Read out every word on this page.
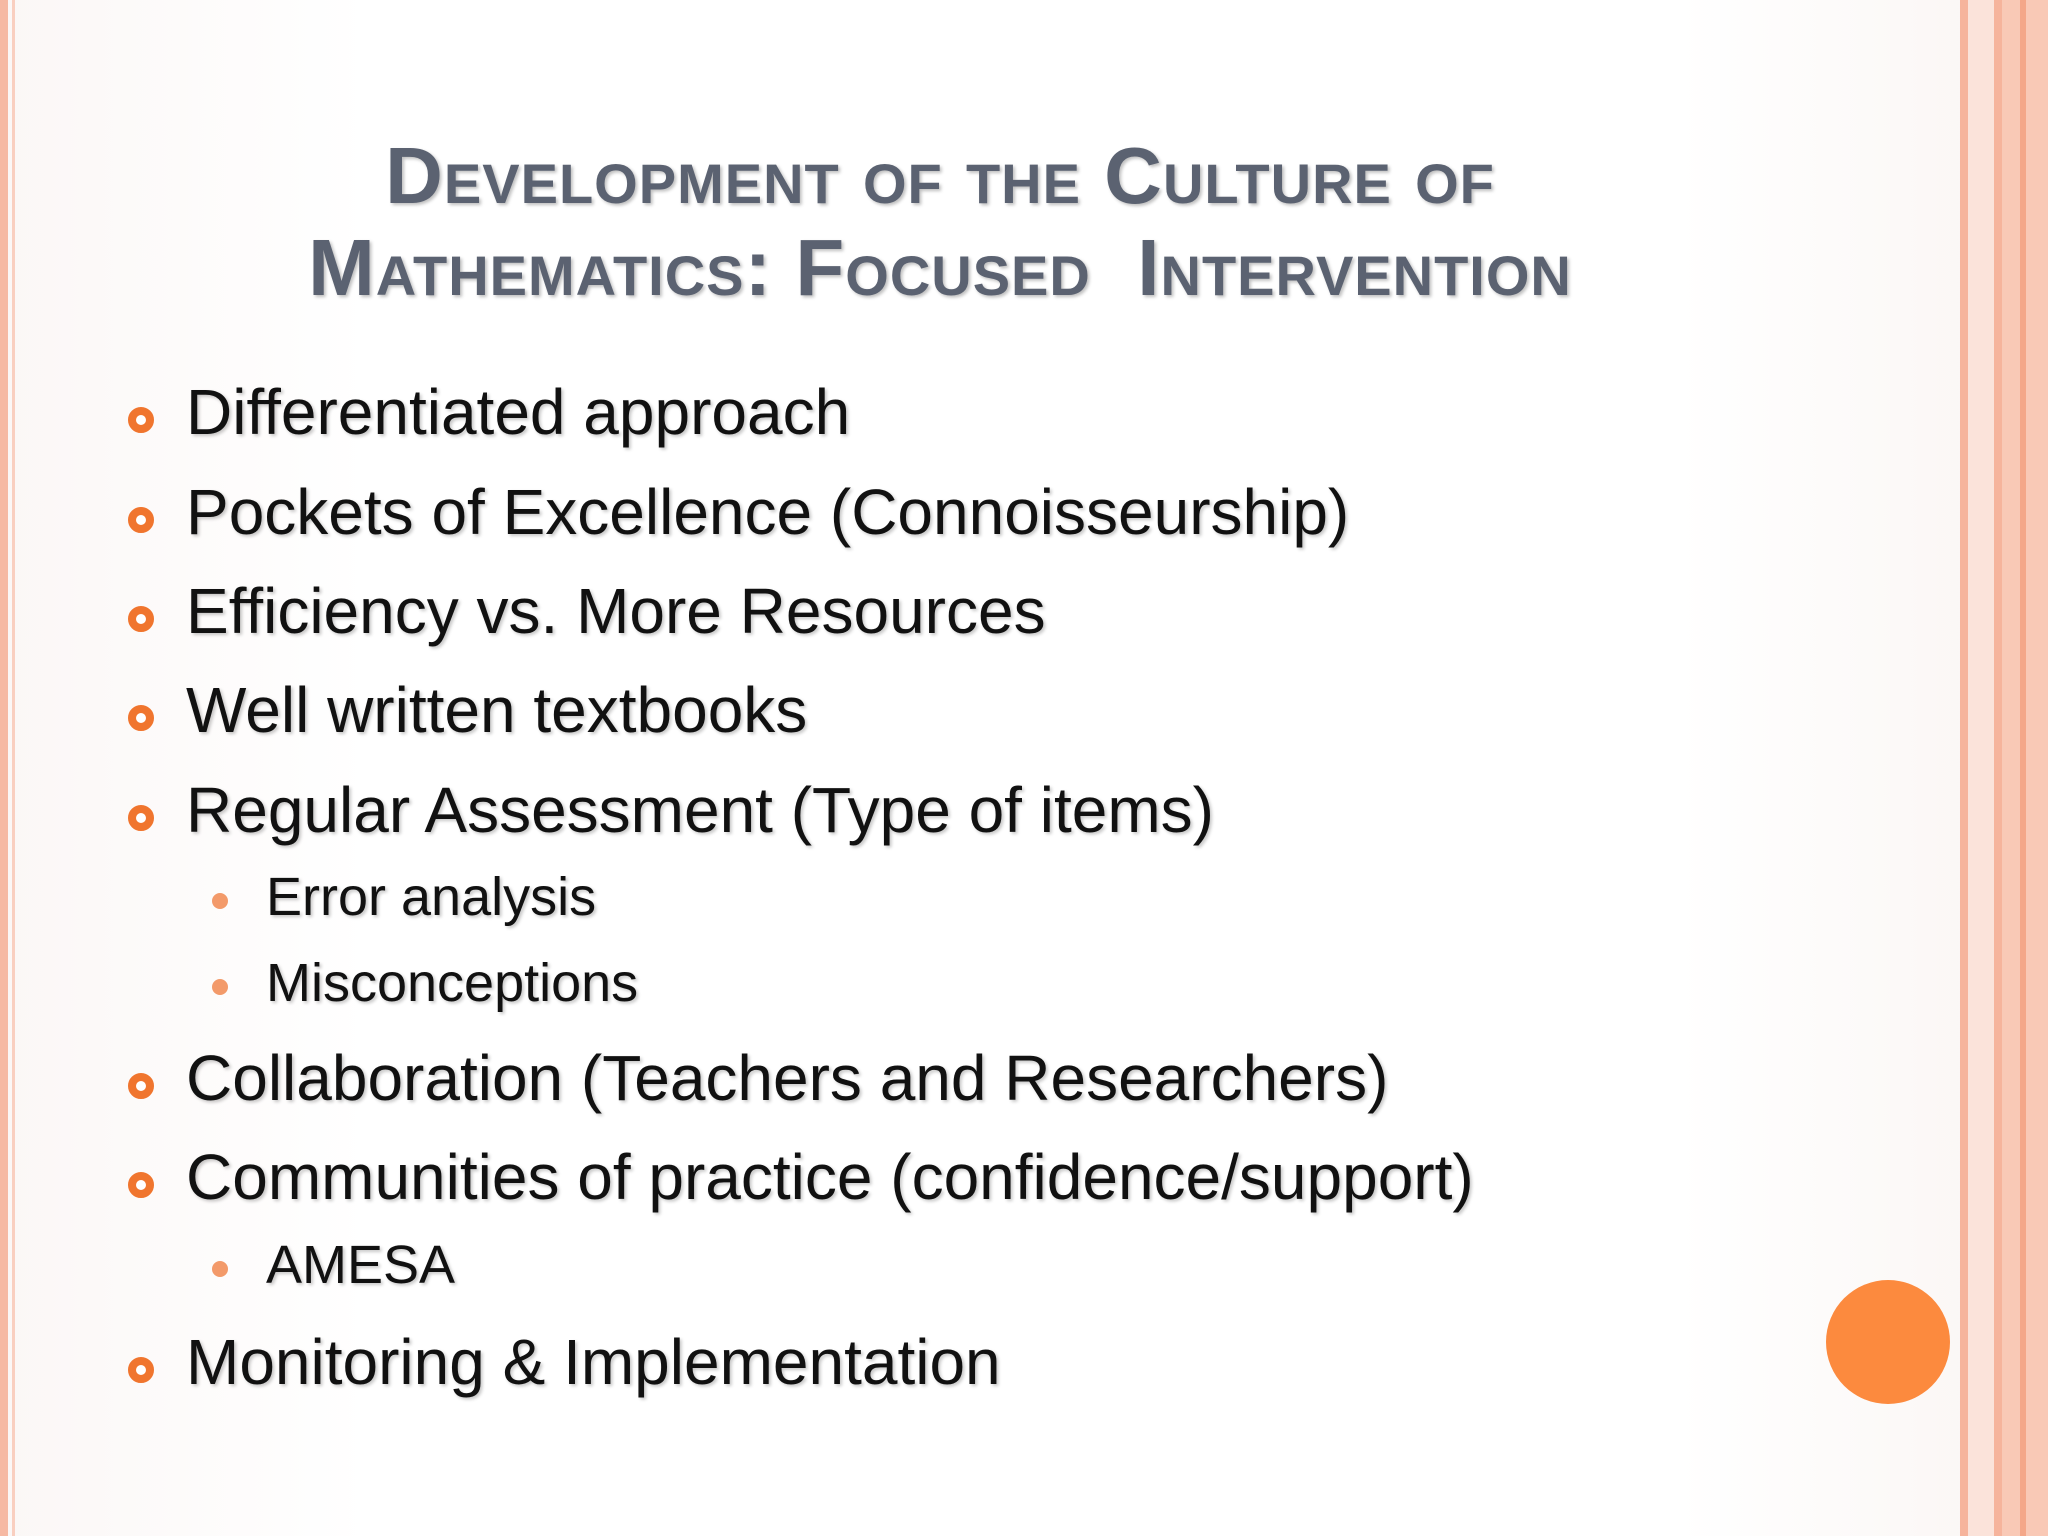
Development of the Culture of
Mathematics: Focused  Intervention
Differentiated approach
Pockets of Excellence (Connoisseurship)
Efficiency vs. More Resources
Well written textbooks
Regular Assessment (Type of items)
Error analysis
Misconceptions
Collaboration (Teachers and Researchers)
Communities of practice (confidence/support)
AMESA
Monitoring & Implementation
